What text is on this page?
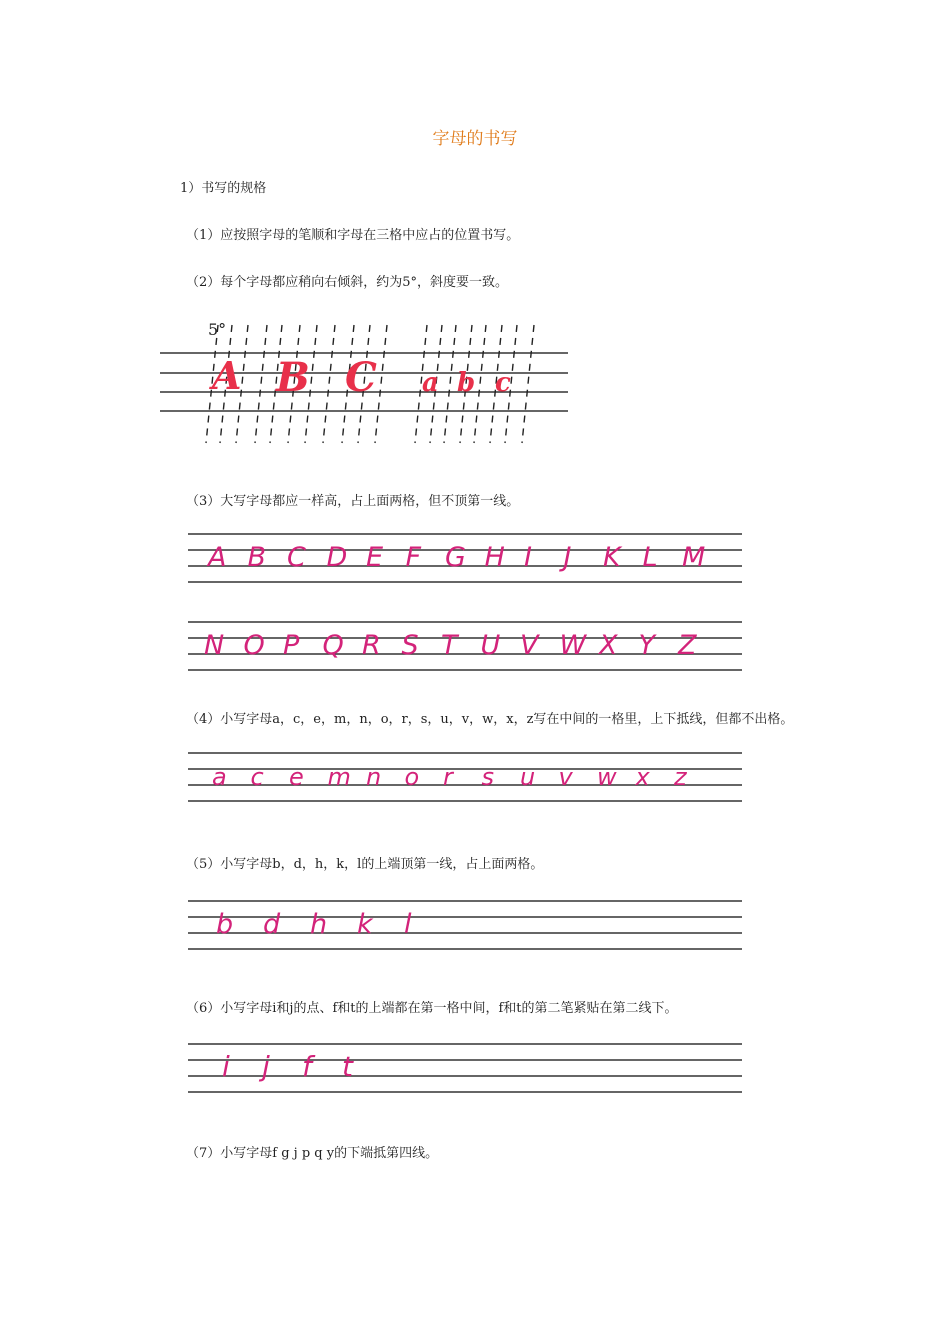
字母的书写
1）书写的规格
（1）应按照字母的笔顺和字母在三格中应占的位置书写。
（2）每个字母都应稍向右倾斜，约为5°，斜度要一致。
5°
A B C a b c
（3）大写字母都应一样高，占上面两格，但不顶第一线。
A B C D E F G H I J K L M
N O P Q R S T U V W X Y Z
（4）小写字母a，c，e，m，n，o，r，s，u，v，w，x，z写在中间的一格里，上下抵线，但都不出格。
a c e m n o r s u v w x z
（5）小写字母b，d，h，k，l的上端顶第一线，占上面两格。
b d h k l
（6）小写字母i和j的点、f和t的上端都在第一格中间，f和t的第二笔紧贴在第二线下。
i j f t
（7）小写字母f g j p q y的下端抵第四线。
